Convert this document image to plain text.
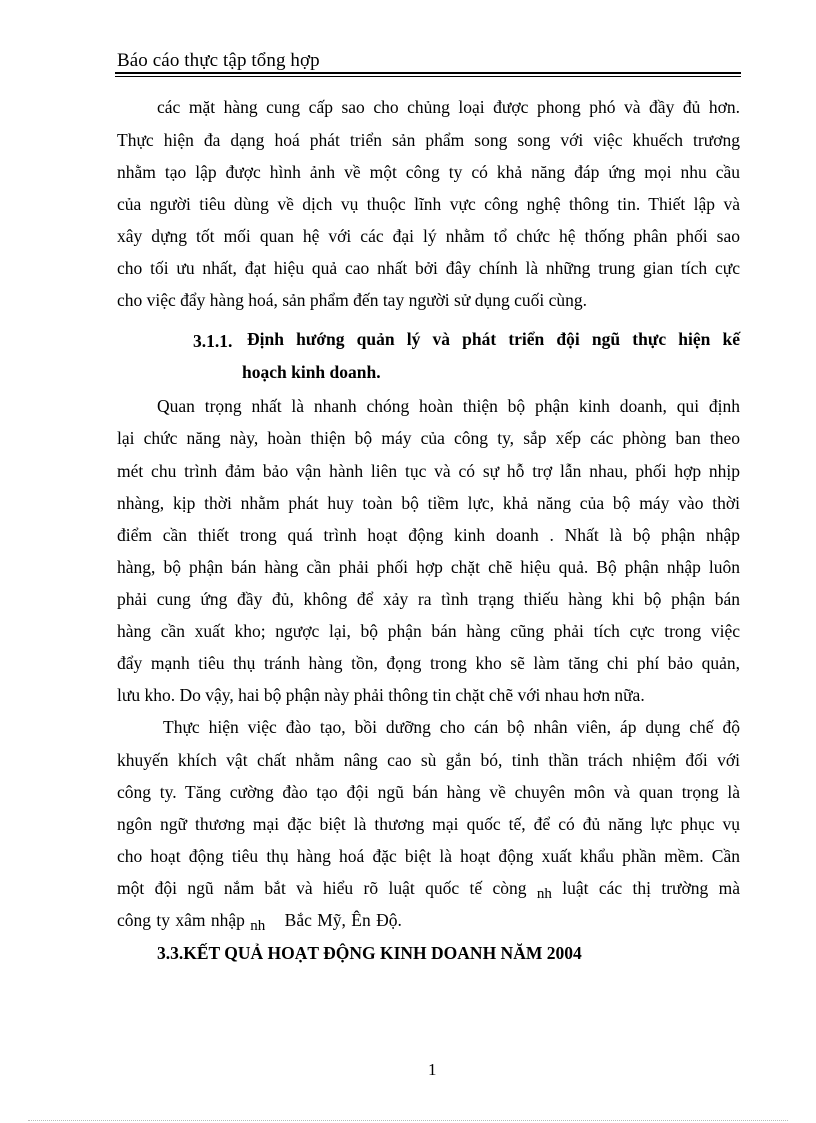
Báo cáo thực tập tổng hợp
các mặt hàng cung cấp sao cho chủng loại được phong phó và đầy đủ hơn.
Thực hiện đa dạng hoá phát triển sản phẩm song song với việc khuếch trương
nhằm tạo lập được hình ảnh về một công ty có khả năng đáp ứng mọi nhu cầu
của người tiêu dùng về dịch vụ thuộc lĩnh vực công nghệ thông tin. Thiết lập và
xây dựng tốt mối quan hệ với các đại lý nhằm tổ chức hệ thống phân phối sao
cho tối ưu nhất, đạt hiệu quả cao nhất bởi đây chính là những trung gian tích cực
cho việc đẩy hàng hoá, sản phẩm đến tay người sử dụng cuối cùng.
3.1.1. Định hướng quản lý và phát triển đội ngũ thực hiện kế
hoạch kinh doanh.
Quan trọng nhất là nhanh chóng hoàn thiện bộ phận kinh doanh, qui định
lại chức năng này, hoàn thiện bộ máy của công ty, sắp xếp các phòng ban theo
mét chu trình đảm bảo vận hành liên tục và có sự hỗ trợ lẫn nhau, phối hợp nhịp
nhàng, kịp thời nhằm phát huy toàn bộ tiềm lực, khả năng của bộ máy vào thời
điểm cần thiết trong quá trình hoạt động kinh doanh . Nhất là bộ phận nhập
hàng, bộ phận bán hàng cần phải phối hợp chặt chẽ hiệu quả. Bộ phận nhập luôn
phải cung ứng đầy đủ, không để xảy ra tình trạng thiếu hàng khi bộ phận bán
hàng cần xuất kho; ngược lại, bộ phận bán hàng cũng phải tích cực trong việc
đẩy mạnh tiêu thụ tránh hàng tồn, đọng trong kho sẽ làm tăng chi phí bảo quản,
lưu kho. Do vậy, hai bộ phận này phải thông tin chặt chẽ với nhau hơn nữa.
Thực hiện việc đào tạo, bồi dưỡng cho cán bộ nhân viên, áp dụng chế độ
khuyến khích vật chất nhằm nâng cao sù gắn bó, tinh thần trách nhiệm đối với
công ty. Tăng cường đào tạo đội ngũ bán hàng về chuyên môn và quan trọng là
ngôn ngữ thương mại đặc biệt là thương mại quốc tế, để có đủ năng lực phục vụ
cho hoạt động tiêu thụ hàng hoá đặc biệt là hoạt động xuất khẩu phần mềm. Cần
một đội ngũ nắm bắt và hiểu rõ luật quốc tế còng nh luật các thị trường mà
công ty xâm nhập nh Bắc Mỹ, Ên Độ.
3.3.KẾT QUẢ HOẠT ĐỘNG KINH DOANH NĂM 2004
1
